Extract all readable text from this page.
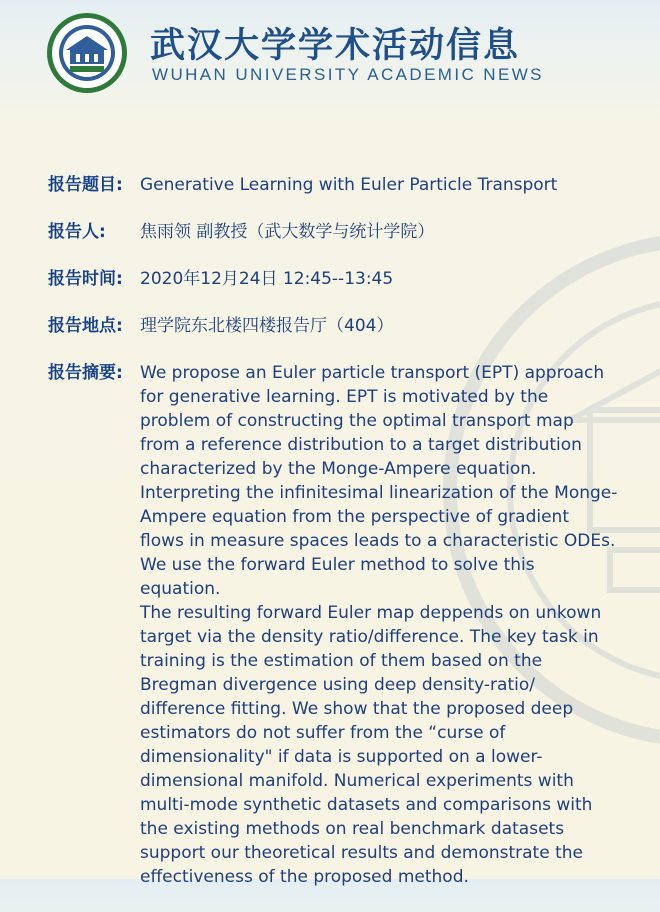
武汉大学学术活动信息
WUHAN UNIVERSITY ACADEMIC NEWS
报告题目:	Generative Learning with Euler Particle Transport
报告人:	焦雨领 副教授（武大数学与统计学院）
报告时间:	2020年12月24日 12:45--13:45
报告地点:	理学院东北楼四楼报告厅（404）
报告摘要:	We propose an Euler particle transport (EPT) approach for generative learning. EPT is motivated by the problem of constructing the optimal transport map from a reference distribution to a target distribution characterized by the Monge-Ampere equation. Interpreting the infinitesimal linearization of the Monge-Ampere equation from the perspective of gradient flows in measure spaces leads to a characteristic ODEs. We use the forward Euler method to solve this equation.

The resulting forward Euler map deppends on unkown target via the density ratio/difference. The key task in training is the estimation of them based on the Bregman divergence using deep density-ratio/ difference fitting. We show that the proposed deep estimators do not suffer from the “curse of dimensionality" if data is supported on a lower-dimensional manifold. Numerical experiments with multi-mode synthetic datasets and comparisons with the existing methods on real benchmark datasets support our theoretical results and demonstrate the effectiveness of the proposed method.
